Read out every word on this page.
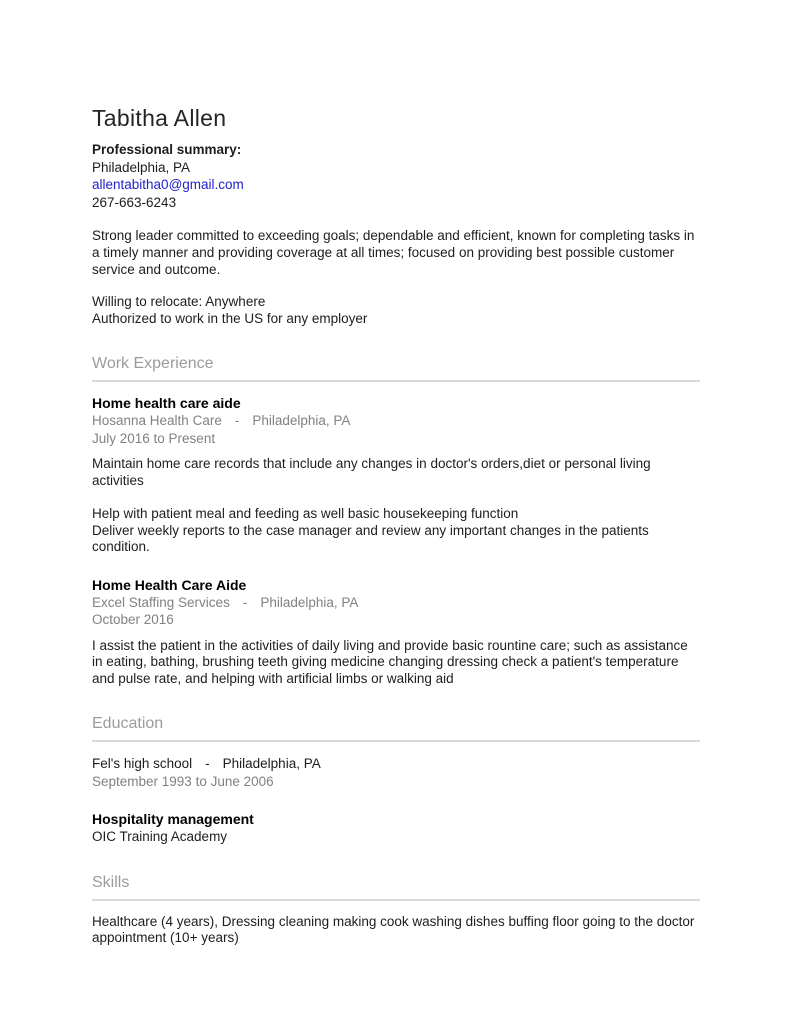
Tabitha Allen

Professional summary:

Philadelphia, PA
allentabitha0@gmail.com
267-663-6243

Strong leader committed to exceeding goals; dependable and efficient, known for completing tasks in a timely manner and providing coverage at all times; focused on providing best possible customer service and outcome.

Willing to relocate: Anywhere
Authorized to work in the US for any employer
Work Experience
Home health care aide
Hosanna Health Care - Philadelphia, PA
July 2016 to Present

Maintain home care records that include any changes in doctor's orders,diet or personal living activities

Help with patient meal and feeding as well basic housekeeping function
Deliver weekly reports to the case manager and review any important changes in the patients condition.
Home Health Care Aide
Excel Staffing Services - Philadelphia, PA
October 2016

I assist the patient in the activities of daily living and provide basic rountine care; such as assistance in eating, bathing, brushing teeth giving medicine changing dressing check a patient's temperature and pulse rate, and helping with artificial limbs or walking aid

Education
Fel's high school - Philadelphia, PA
September 1993 to June 2006
Hospitality management
OIC Training Academy
Skills

Healthcare (4 years), Dressing cleaning making cook washing dishes buffing floor going to the doctor appointment (10+ years)
